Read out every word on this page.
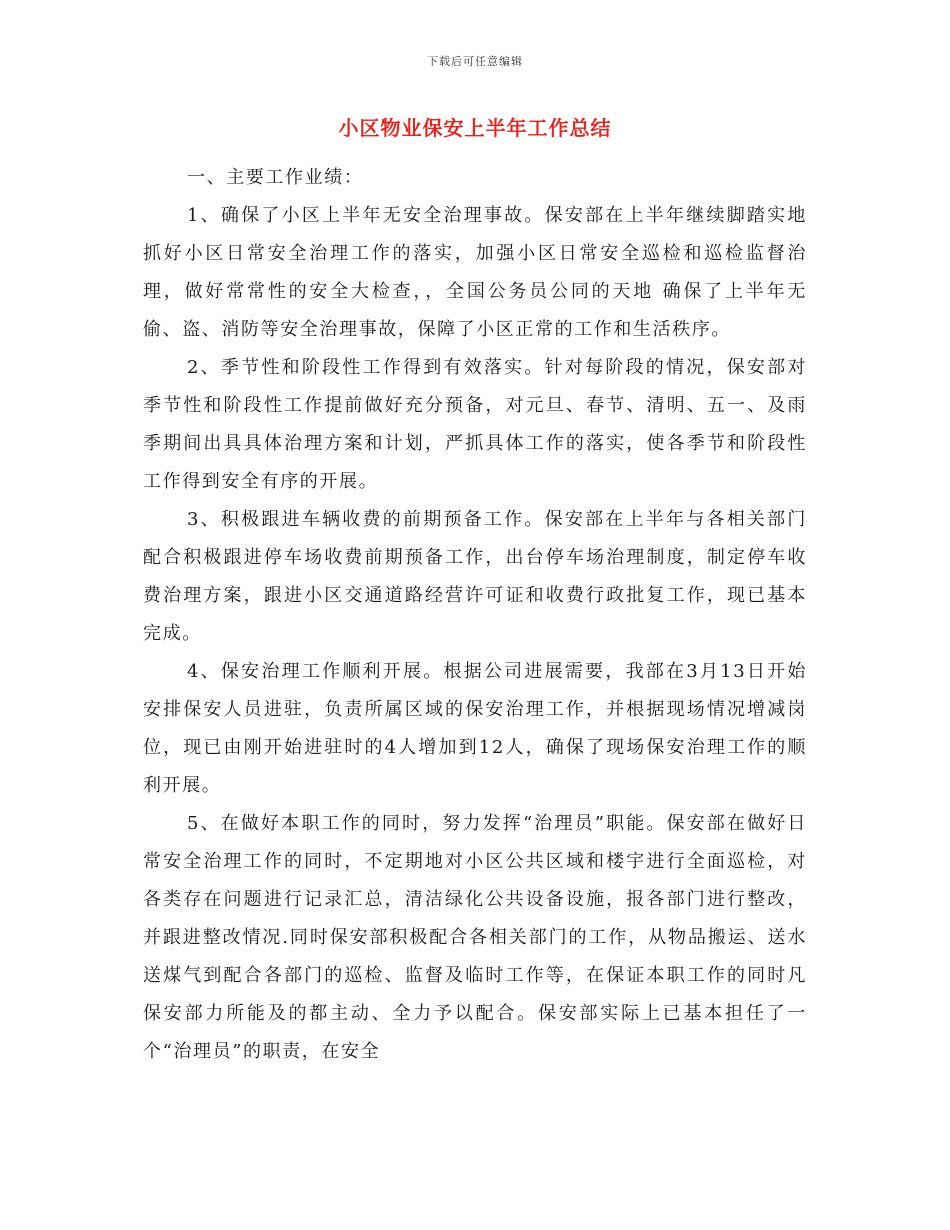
下载后可任意编辑
小区物业保安上半年工作总结

一、主要工作业绩：

1、确保了小区上半年无安全治理事故。保安部在上半年继续脚踏实地抓好小区日常安全治理工作的落实，加强小区日常安全巡检和巡检监督治理，做好常常性的安全大检查，，全国公务员公同的天地 确保了上半年无偷、盗、消防等安全治理事故，保障了小区正常的工作和生活秩序。

2、季节性和阶段性工作得到有效落实。针对每阶段的情况，保安部对季节性和阶段性工作提前做好充分预备，对元旦、春节、清明、五一、及雨季期间出具具体治理方案和计划，严抓具体工作的落实，使各季节和阶段性工作得到安全有序的开展。

3、积极跟进车辆收费的前期预备工作。保安部在上半年与各相关部门配合积极跟进停车场收费前期预备工作，出台停车场治理制度，制定停车收费治理方案，跟进小区交通道路经营许可证和收费行政批复工作，现已基本完成。

4、保安治理工作顺利开展。根据公司进展需要，我部在3月13日开始安排保安人员进驻，负责所属区域的保安治理工作，并根据现场情况增减岗位，现已由刚开始进驻时的4人增加到12人，确保了现场保安治理工作的顺利开展。

5、在做好本职工作的同时，努力发挥“治理员”职能。保安部在做好日常安全治理工作的同时，不定期地对小区公共区域和楼宇进行全面巡检，对各类存在问题进行记录汇总，清洁绿化公共设备设施，报各部门进行整改，并跟进整改情况.同时保安部积极配合各相关部门的工作，从物品搬运、送水送煤气到配合各部门的巡检、监督及临时工作等，在保证本职工作的同时凡保安部力所能及的都主动、全力予以配合。保安部实际上已基本担任了一个“治理员”的职责，在安全
